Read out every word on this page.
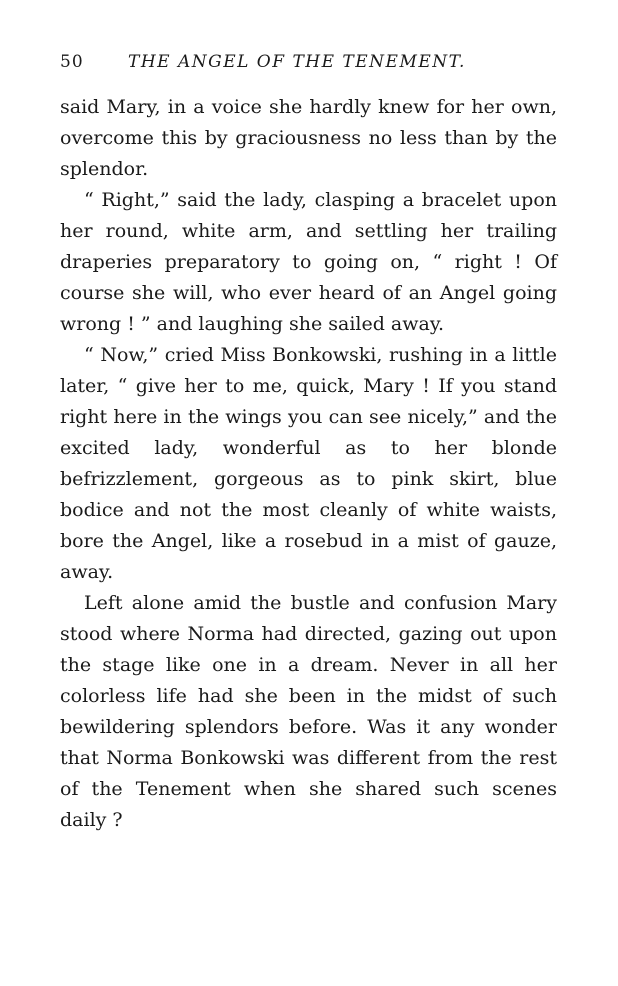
50	THE ANGEL OF THE TENEMENT.

said Mary, in a voice she hardly knew for her own, overcome this by graciousness no less than by the splendor.

“ Right,” said the lady, clasping a bracelet upon her round, white arm, and settling her trailing draperies preparatory to going on, “ right ! Of course she will, who ever heard of an Angel going wrong ! ” and laughing she sailed away.

“ Now,” cried Miss Bonkowski, rushing in a little later, “ give her to me, quick, Mary ! If you stand right here in the wings you can see nicely,” and the excited lady, wonderful as to her blonde befrizzlement, gorgeous as to pink skirt, blue bodice and not the most cleanly of white waists, bore the Angel, like a rosebud in a mist of gauze, away.

Left alone amid the bustle and confusion Mary stood where Norma had directed, gazing out upon the stage like one in a dream. Never in all her colorless life had she been in the midst of such bewildering splendors before. Was it any wonder that Norma Bonkowski was different from the rest of the Tenement when she shared such scenes daily ?
